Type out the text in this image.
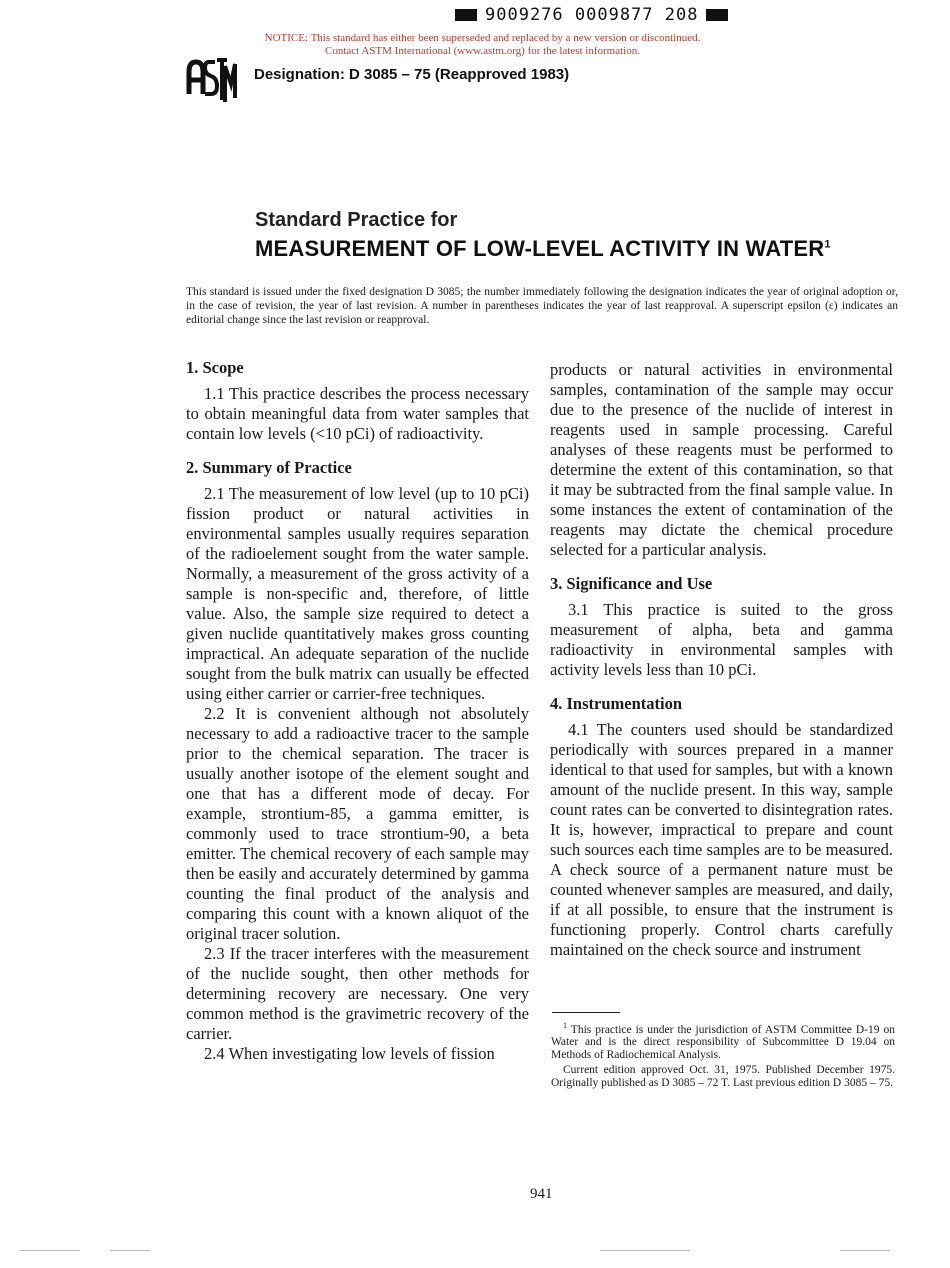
9009276 0009877 208
NOTICE: This standard has either been superseded and replaced by a new version or discontinued.
Contact ASTM International (www.astm.org) for the latest information.
Designation: D 3085 – 75 (Reapproved 1983)
Standard Practice for
MEASUREMENT OF LOW-LEVEL ACTIVITY IN WATER$^1$
This standard is issued under the fixed designation D 3085; the number immediately following the designation indicates the year of original adoption or, in the case of revision, the year of last revision. A number in parentheses indicates the year of last reapproval. A superscript epsilon (ε) indicates an editorial change since the last revision or reapproval.
1. Scope

1.1 This practice describes the process necessary to obtain meaningful data from water samples that contain low levels (<10 pCi) of radioactivity.

2. Summary of Practice

2.1 The measurement of low level (up to 10 pCi) fission product or natural activities in environmental samples usually requires separation of the radioelement sought from the water sample. Normally, a measurement of the gross activity of a sample is non-specific and, therefore, of little value. Also, the sample size required to detect a given nuclide quantitatively makes gross counting impractical. An adequate separation of the nuclide sought from the bulk matrix can usually be effected using either carrier or carrier-free techniques.

2.2 It is convenient although not absolutely necessary to add a radioactive tracer to the sample prior to the chemical separation. The tracer is usually another isotope of the element sought and one that has a different mode of decay. For example, strontium-85, a gamma emitter, is commonly used to trace strontium-90, a beta emitter. The chemical recovery of each sample may then be easily and accurately determined by gamma counting the final product of the analysis and comparing this count with a known aliquot of the original tracer solution.

2.3 If the tracer interferes with the measurement of the nuclide sought, then other methods for determining recovery are necessary. One very common method is the gravimetric recovery of the carrier.

2.4 When investigating low levels of fission

products or natural activities in environmental samples, contamination of the sample may occur due to the presence of the nuclide of interest in reagents used in sample processing. Careful analyses of these reagents must be performed to determine the extent of this contamination, so that it may be subtracted from the final sample value. In some instances the extent of contamination of the reagents may dictate the chemical procedure selected for a particular analysis.

3. Significance and Use

3.1 This practice is suited to the gross measurement of alpha, beta and gamma radioactivity in environmental samples with activity levels less than 10 pCi.

4. Instrumentation

4.1 The counters used should be standardized periodically with sources prepared in a manner identical to that used for samples, but with a known amount of the nuclide present. In this way, sample count rates can be converted to disintegration rates. It is, however, impractical to prepare and count such sources each time samples are to be measured. A check source of a permanent nature must be counted whenever samples are measured, and daily, if at all possible, to ensure that the instrument is functioning properly. Control charts carefully maintained on the check source and instrument

$^1$ This practice is under the jurisdiction of ASTM Committee D-19 on Water and is the direct responsibility of Subcommittee D 19.04 on Methods of Radiochemical Analysis.

Current edition approved Oct. 31, 1975. Published December 1975. Originally published as D 3085 – 72 T. Last previous edition D 3085 – 75.

941
